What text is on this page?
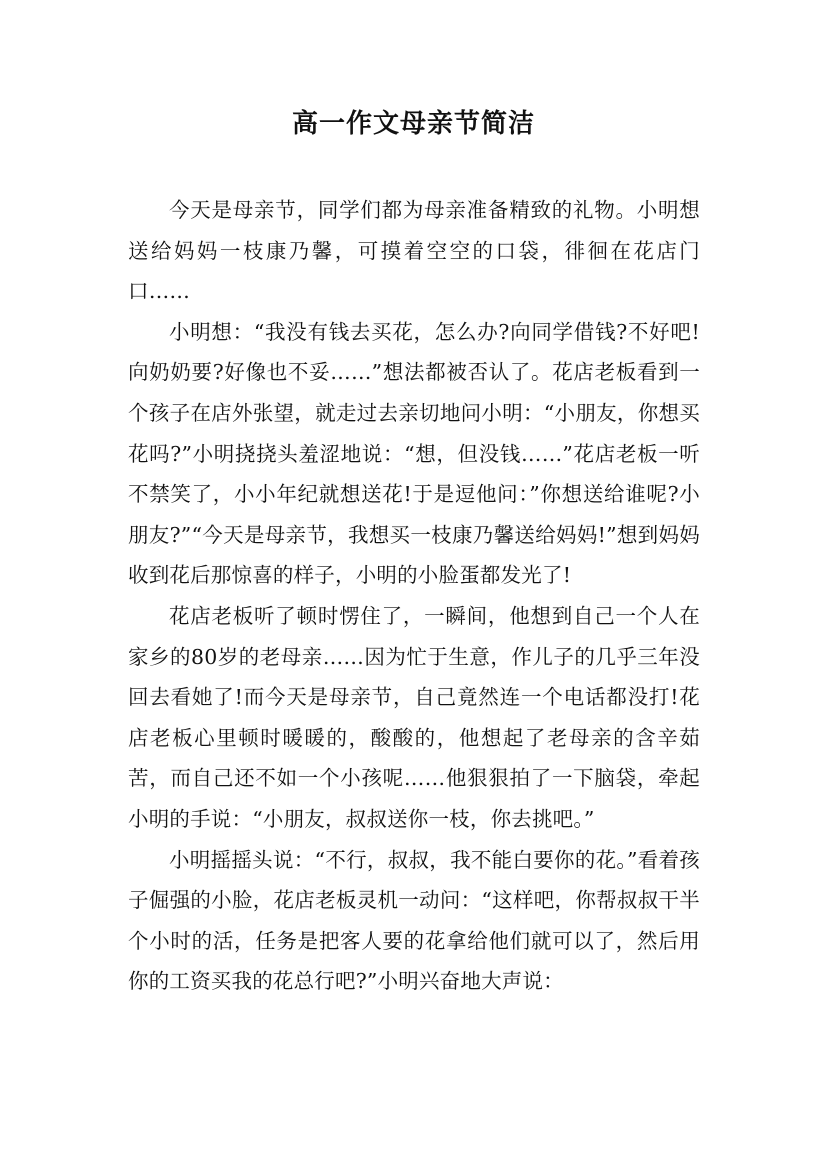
高一作文母亲节简洁

今天是母亲节，同学们都为母亲准备精致的礼物。小明想送给妈妈一枝康乃馨，可摸着空空的口袋，徘徊在花店门口……

小明想：“我没有钱去买花，怎么办?向同学借钱?不好吧!向奶奶要?好像也不妥……”想法都被否认了。花店老板看到一个孩子在店外张望，就走过去亲切地问小明：“小朋友，你想买花吗?”小明挠挠头羞涩地说：“想，但没钱……”花店老板一听不禁笑了，小小年纪就想送花!于是逗他问：”你想送给谁呢?小朋友?”“今天是母亲节，我想买一枝康乃馨送给妈妈!”想到妈妈收到花后那惊喜的样子，小明的小脸蛋都发光了!

花店老板听了顿时愣住了，一瞬间，他想到自己一个人在家乡的80岁的老母亲……因为忙于生意，作儿子的几乎三年没回去看她了!而今天是母亲节，自己竟然连一个电话都没打!花店老板心里顿时暖暖的，酸酸的，他想起了老母亲的含辛茹苦，而自己还不如一个小孩呢……他狠狠拍了一下脑袋，牵起小明的手说：“小朋友，叔叔送你一枝，你去挑吧。”

小明摇摇头说：“不行，叔叔，我不能白要你的花。”看着孩子倔强的小脸，花店老板灵机一动问：“这样吧，你帮叔叔干半个小时的活，任务是把客人要的花拿给他们就可以了，然后用你的工资买我的花总行吧?”小明兴奋地大声说：
